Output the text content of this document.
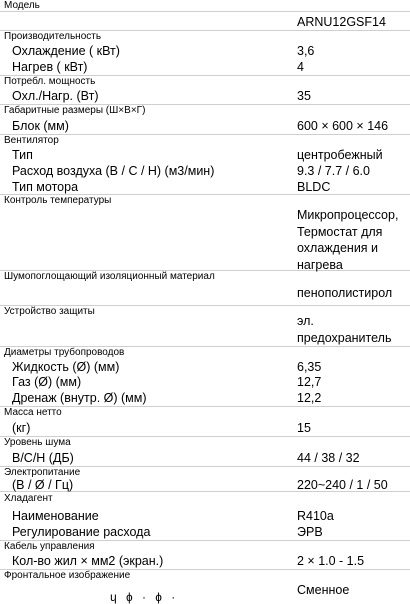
Модель
ARNU12GSF14
Производительность
Охлаждение ( кВт)	3,6
Нагрев ( кВт)	4
Потребл. мощность
Охл./Нагр. (Вт)	35
Габаритные размеры (Ш×В×Г)
Блок (мм)	600 × 600 × 146
Вентилятор
Тип	центробежный
Расход воздуха (В / С / Н) (м3/мин)	9.3 / 7.7 / 6.0
Тип мотора	BLDC
Контроль температуры
Микропроцессор,
Термостат для
охлаждения и
нагрева
Шумопоглощающий изоляционный материал
пенополистирол
Устройство защиты
эл.
предохранитель
Диаметры трубопроводов
Жидкость (Ø) (мм)	6,35
Газ (Ø) (мм)	12,7
Дренаж (внутр. Ø) (мм)	12,2
Масса нетто
(кг)	15
Уровень шума
В/С/Н (ДБ)	44 / 38 / 32
Электропитание
(В / Ø / Гц)	220~240 / 1 / 50
Хладагент
Наименование	R410a
Регулирование расхода	ЭРВ
Кабель управления
Кол-во жил × мм2 (экран.)	2 × 1.0 - 1.5
Фронтальное изображение
Сменное
ɥ ɸ · ɸ ·
